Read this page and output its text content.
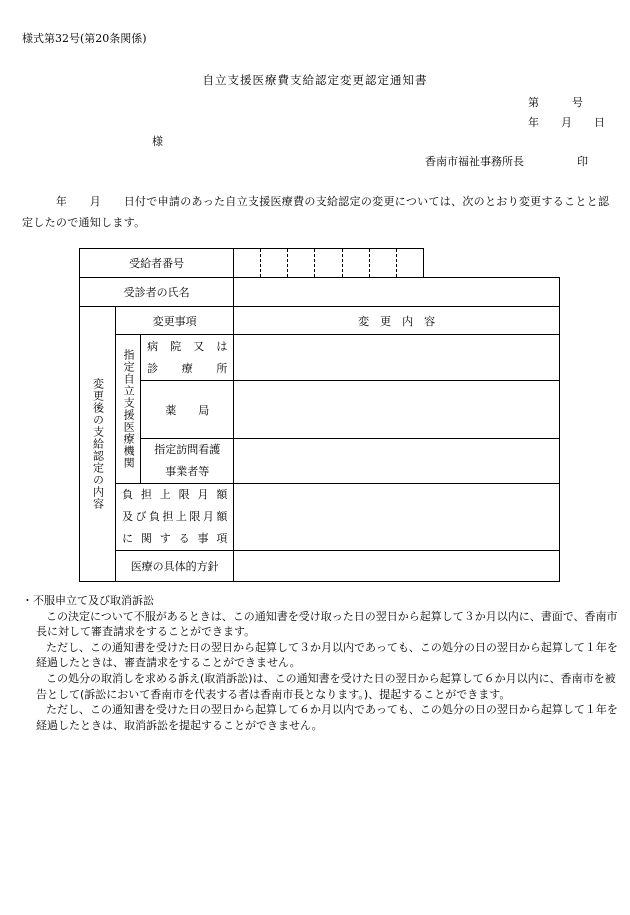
様式第32号(第20条関係)
自立支援医療費支給認定変更認定通知書
第　　　号
年　　月　　日
様
香南市福祉事務所長	印
　　　年　　月　　日付で申請のあった自立支援医療費の支給認定の変更については、次のとおり変更することと認定したので通知します。
受給者番号			

受診者の氏名				

変更後の支給認定の内容	変更事項		変　更　内　容	

	指定自立支援医療機関	病　院　又　は
診　　療　　所		

		薬　　局		

		指定訪問看護
事業者等		

	負担上限月額
及び負担上限月額
に関する事項			

	医療の具体的方針			

・不服申立て及び取消訴訟

この決定について不服があるときは、この通知書を受け取った日の翌日から起算して３か月以内に、書面で、香南市長に対して審査請求をすることができます。

ただし、この通知書を受けた日の翌日から起算して３か月以内であっても、この処分の日の翌日から起算して１年を経過したときは、審査請求をすることができません。

この処分の取消しを求める訴え(取消訴訟)は、この通知書を受けた日の翌日から起算して６か月以内に、香南市を被告として(訴訟において香南市を代表する者は香南市長となります。)、提起することができます。

ただし、この通知書を受けた日の翌日から起算して６か月以内であっても、この処分の日の翌日から起算して１年を経過したときは、取消訴訟を提起することができません。
